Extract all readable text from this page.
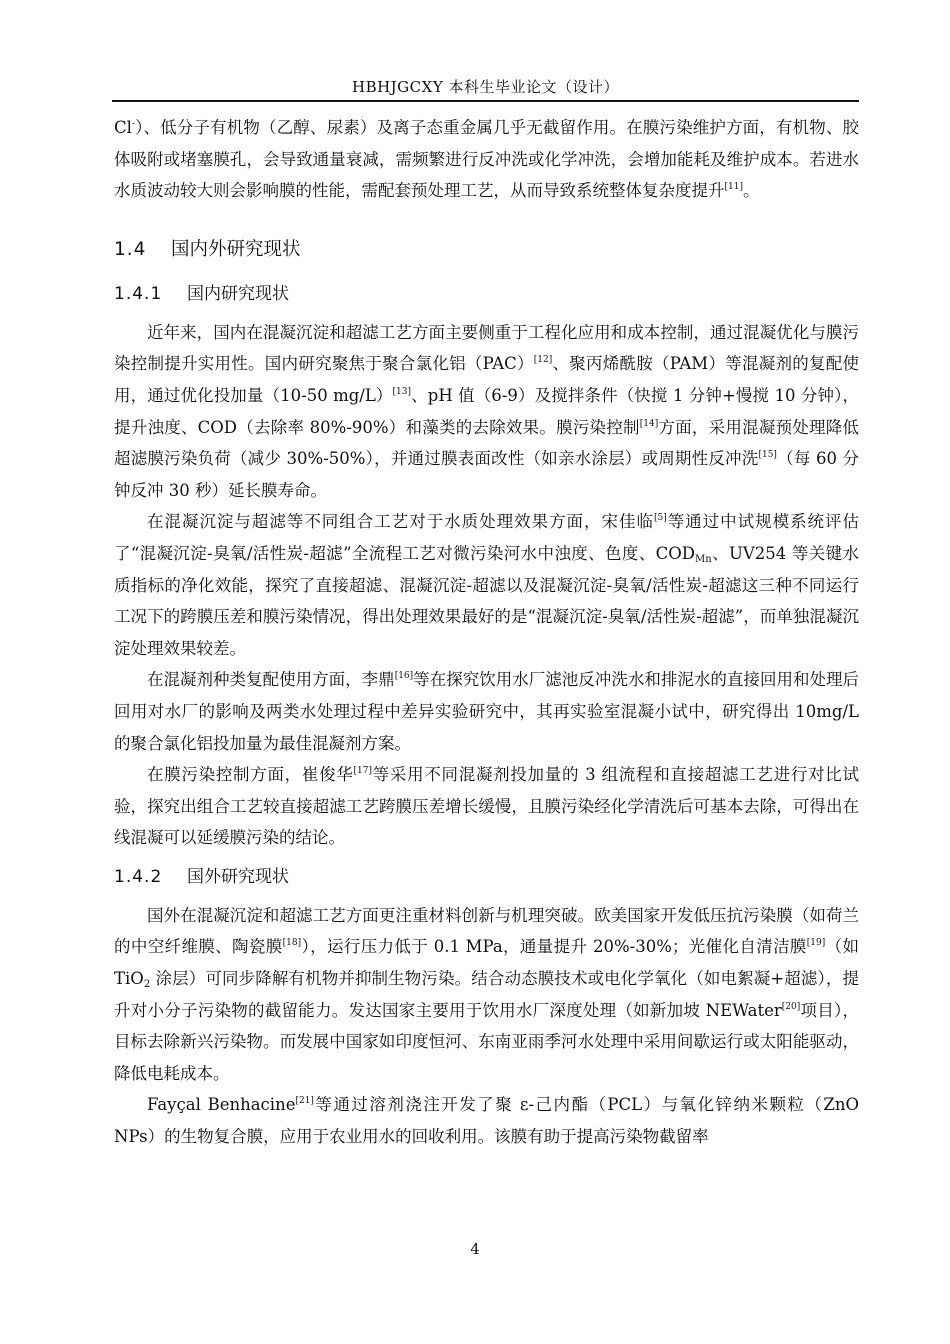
HBHJGCXY 本科生毕业论文（设计）

Cl-）、低分子有机物（乙醇、尿素）及离子态重金属几乎无截留作用。在膜污染维护方面，有机物、胶体吸附或堵塞膜孔，会导致通量衰减，需频繁进行反冲洗或化学冲洗，会增加能耗及维护成本。若进水水质波动较大则会影响膜的性能，需配套预处理工艺，从而导致系统整体复杂度提升[11]。

1.4 国内外研究现状
1.4.1 国内研究现状

近年来，国内在混凝沉淀和超滤工艺方面主要侧重于工程化应用和成本控制，通过混凝优化与膜污染控制提升实用性。国内研究聚焦于聚合氯化铝（PAC）[12]、聚丙烯酰胺（PAM）等混凝剂的复配使用，通过优化投加量（10-50 mg/L）[13]、pH 值（6-9）及搅拌条件（快搅 1 分钟+慢搅 10 分钟），提升浊度、COD（去除率 80%-90%）和藻类的去除效果。膜污染控制[14]方面，采用混凝预处理降低超滤膜污染负荷（减少 30%-50%），并通过膜表面改性（如亲水涂层）或周期性反冲洗[15]（每 60 分钟反冲 30 秒）延长膜寿命。

在混凝沉淀与超滤等不同组合工艺对于水质处理效果方面，宋佳临[5]等通过中试规模系统评估了“混凝沉淀-臭氧/活性炭-超滤”全流程工艺对微污染河水中浊度、色度、$COD_{Mn}$、UV254 等关键水质指标的净化效能，探究了直接超滤、混凝沉淀-超滤以及混凝沉淀-臭氧/活性炭-超滤这三种不同运行工况下的跨膜压差和膜污染情况，得出处理效果最好的是“混凝沉淀-臭氧/活性炭-超滤”，而单独混凝沉淀处理效果较差。

在混凝剂种类复配使用方面，李鼎[16]等在探究饮用水厂滤池反冲洗水和排泥水的直接回用和处理后回用对水厂的影响及两类水处理过程中差异实验研究中，其再实验室混凝小试中，研究得出 10mg/L 的聚合氯化铝投加量为最佳混凝剂方案。

在膜污染控制方面，崔俊华[17]等采用不同混凝剂投加量的 3 组流程和直接超滤工艺进行对比试验，探究出组合工艺较直接超滤工艺跨膜压差增长缓慢，且膜污染经化学清洗后可基本去除，可得出在线混凝可以延缓膜污染的结论。

1.4.2 国外研究现状

国外在混凝沉淀和超滤工艺方面更注重材料创新与机理突破。欧美国家开发低压抗污染膜（如荷兰的中空纤维膜、陶瓷膜[18]），运行压力低于 0.1 MPa，通量提升 20%-30%；光催化自清洁膜[19]（如 TiO$_2$ 涂层）可同步降解有机物并抑制生物污染。结合动态膜技术或电化学氧化（如电絮凝+超滤），提升对小分子污染物的截留能力。发达国家主要用于饮用水厂深度处理（如新加坡 NEWater[20]项目），目标去除新兴污染物。而发展中国家如印度恒河、东南亚雨季河水处理中采用间歇运行或太阳能驱动，降低电耗成本。

Fayçal Benhacine[21]等通过溶剂浇注开发了聚 ε-己内酯（PCL）与氧化锌纳米颗粒（ZnO NPs）的生物复合膜，应用于农业用水的回收利用。该膜有助于提高污染物截留率

4
